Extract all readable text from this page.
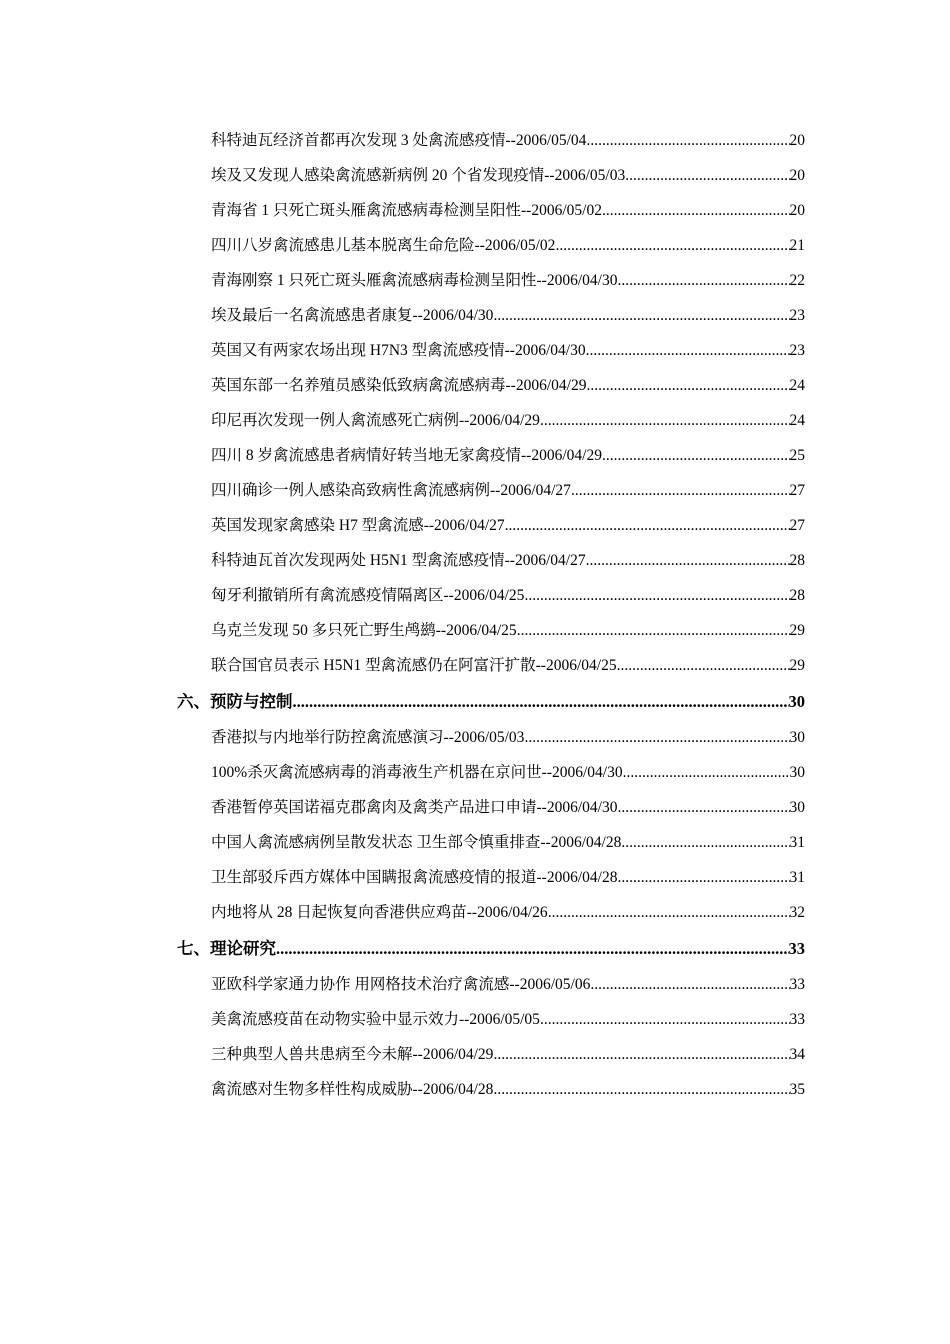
科特迪瓦经济首都再次发现 3 处禽流感疫情--2006/05/04 .....	20
埃及又发现人感染禽流感新病例 20 个省发现疫情--2006/05/03 .....	20
青海省 1 只死亡斑头雁禽流感病毒检测呈阳性--2006/05/02 .....	20
四川八岁禽流感患儿基本脱离生命危险--2006/05/02 .....	21
青海刚察 1 只死亡斑头雁禽流感病毒检测呈阳性--2006/04/30 .....	22
埃及最后一名禽流感患者康复--2006/04/30 .....	23
英国又有两家农场出现 H7N3 型禽流感疫情--2006/04/30 .....	23
英国东部一名养殖员感染低致病禽流感病毒--2006/04/29 .....	24
印尼再次发现一例人禽流感死亡病例--2006/04/29 .....	24
四川 8 岁禽流感患者病情好转当地无家禽疫情--2006/04/29 .....	25
四川确诊一例人感染高致病性禽流感病例--2006/04/27 .....	27
英国发现家禽感染 H7 型禽流感--2006/04/27 .....	27
科特迪瓦首次发现两处 H5N1 型禽流感疫情--2006/04/27 .....	28
匈牙利撤销所有禽流感疫情隔离区--2006/04/25 .....	28
乌克兰发现 50 多只死亡野生鸬鹚--2006/04/25 .....	29
联合国官员表示 H5N1 型禽流感仍在阿富汗扩散--2006/04/25 .....	29
六、预防与控制 .....	30
香港拟与内地举行防控禽流感演习--2006/05/03 .....	30
100%杀灭禽流感病毒的消毒液生产机器在京问世--2006/04/30 .....	30
香港暂停英国诺福克郡禽肉及禽类产品进口申请--2006/04/30 .....	30
中国人禽流感病例呈散发状态 卫生部令慎重排查--2006/04/28 .....	31
卫生部驳斥西方媒体中国瞒报禽流感疫情的报道--2006/04/28 .....	31
内地将从 28 日起恢复向香港供应鸡苗--2006/04/26 .....	32
七、理论研究 .....	33
亚欧科学家通力协作 用网格技术治疗禽流感--2006/05/06 .....	33
美禽流感疫苗在动物实验中显示效力--2006/05/05 .....	33
三种典型人兽共患病至今未解--2006/04/29 .....	34
禽流感对生物多样性构成威胁--2006/04/28 .....	35
